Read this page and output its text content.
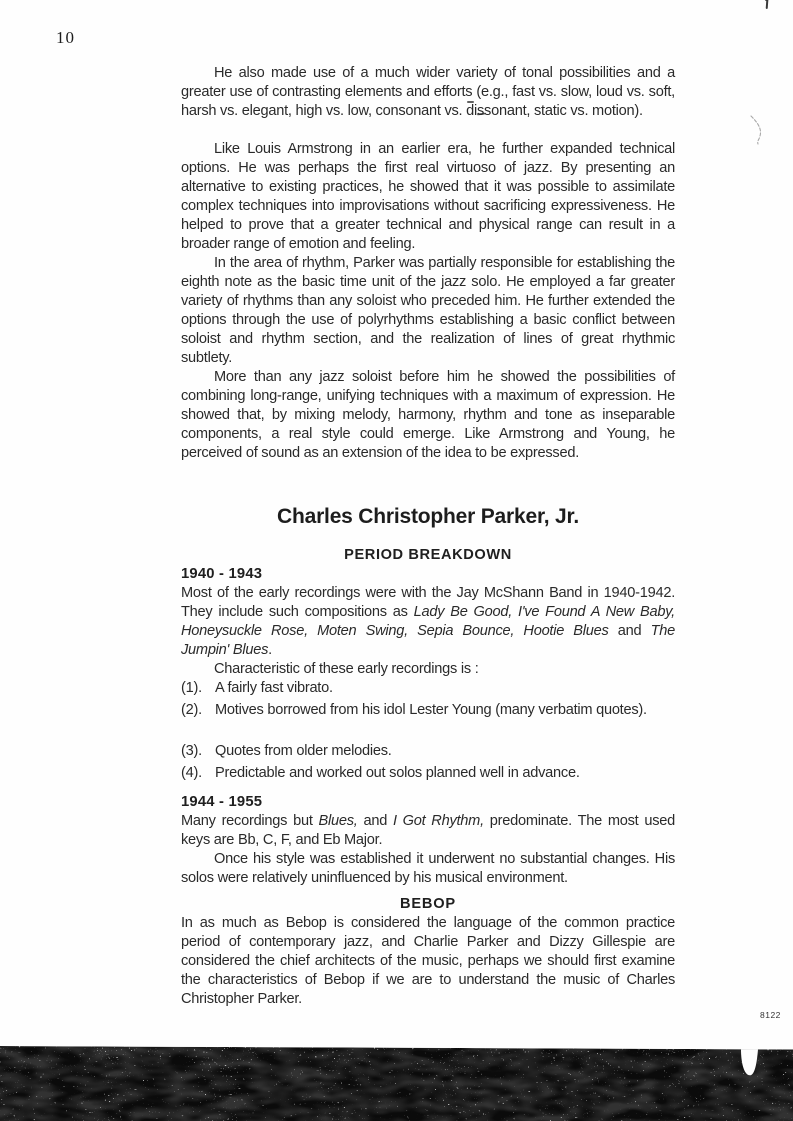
10

He also made use of a much wider variety of tonal possibilities and a greater use of contrasting elements and efforts (e.g., fast vs. slow, loud vs. soft, harsh vs. elegant, high vs. low, consonant vs. dissonant, static vs. motion).

Like Louis Armstrong in an earlier era, he further expanded technical options. He was perhaps the first real virtuoso of jazz. By presenting an alternative to existing practices, he showed that it was possible to assimilate complex techniques into improvisations without sacrificing expressiveness. He helped to prove that a greater technical and physical range can result in a broader range of emotion and feeling.

In the area of rhythm, Parker was partially responsible for establishing the eighth note as the basic time unit of the jazz solo. He employed a far greater variety of rhythms than any soloist who preceded him. He further extended the options through the use of polyrhythms establishing a basic conflict between soloist and rhythm section, and the realization of lines of great rhythmic subtlety.

More than any jazz soloist before him he showed the possibilities of combining long-range, unifying techniques with a maximum of expression. He showed that, by mixing melody, harmony, rhythm and tone as inseparable components, a real style could emerge. Like Armstrong and Young, he perceived of sound as an extension of the idea to be expressed.

Charles Christopher Parker, Jr.
PERIOD BREAKDOWN
1940 - 1943

Most of the early recordings were with the Jay McShann Band in 1940-1942. They include such compositions as Lady Be Good, I've Found A New Baby, Honeysuckle Rose, Moten Swing, Sepia Bounce, Hootie Blues and The Jumpin' Blues.

Characteristic of these early recordings is :

(1). A fairly fast vibrato.
(2). Motives borrowed from his idol Lester Young (many verbatim quotes).
(3). Quotes from older melodies.
(4). Predictable and worked out solos planned well in advance.
1944 - 1955

Many recordings but Blues, and I Got Rhythm, predominate. The most used keys are Bb, C, F, and Eb Major.

Once his style was established it underwent no substantial changes. His solos were relatively uninfluenced by his musical environment.

BEBOP

In as much as Bebop is considered the language of the common practice period of contemporary jazz, and Charlie Parker and Dizzy Gillespie are considered the chief architects of the music, perhaps we should first examine the characteristics of Bebop if we are to understand the music of Charles Christopher Parker.

8122
